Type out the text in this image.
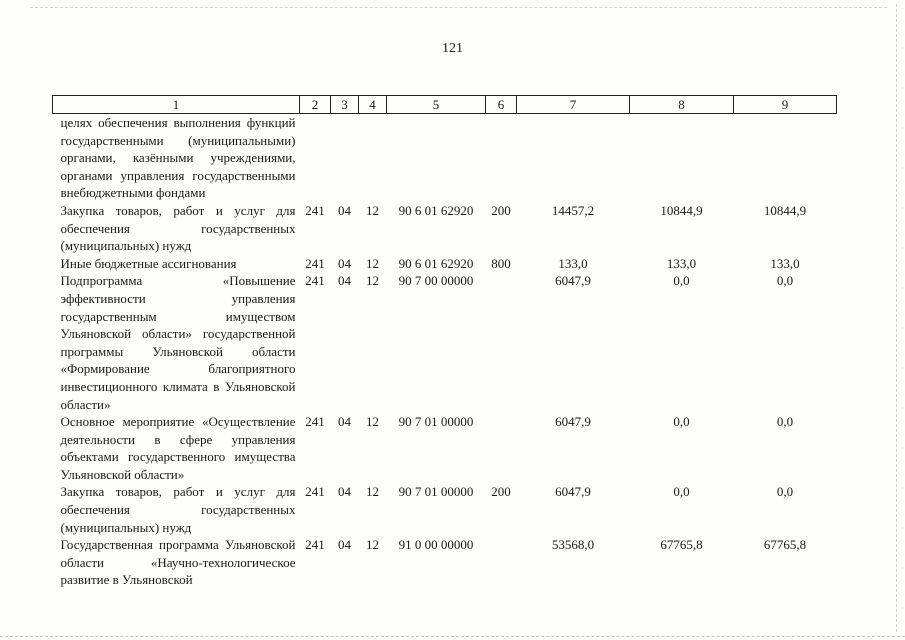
121
1	2	3	4	5	6	7	8	9
целях обеспечения выполнения функций государственными (муниципальными) органами, казёнными учреждениями, органами управления государственными внебюджетными фондами								
Закупка товаров, работ и услуг для обеспечения государственных (муниципальных) нужд	241	04	12	90 6 01 62920	200	14457,2	10844,9	10844,9
Иные бюджетные ассигнования	241	04	12	90 6 01 62920	800	133,0	133,0	133,0
Подпрограмма «Повышение эффективности управления государственным имуществом Ульяновской области» государственной программы Ульяновской области «Формирование благоприятного инвестиционного климата в Ульяновской области»	241	04	12	90 7 00 00000		6047,9	0,0	0,0
Основное мероприятие «Осуществление деятельности в сфере управления объектами государственного имущества Ульяновской области»	241	04	12	90 7 01 00000		6047,9	0,0	0,0
Закупка товаров, работ и услуг для обеспечения государственных (муниципальных) нужд	241	04	12	90 7 01 00000	200	6047,9	0,0	0,0
Государственная программа Ульяновской области «Научно-технологическое развитие в Ульяновской	241	04	12	91 0 00 00000		53568,0	67765,8	67765,8
